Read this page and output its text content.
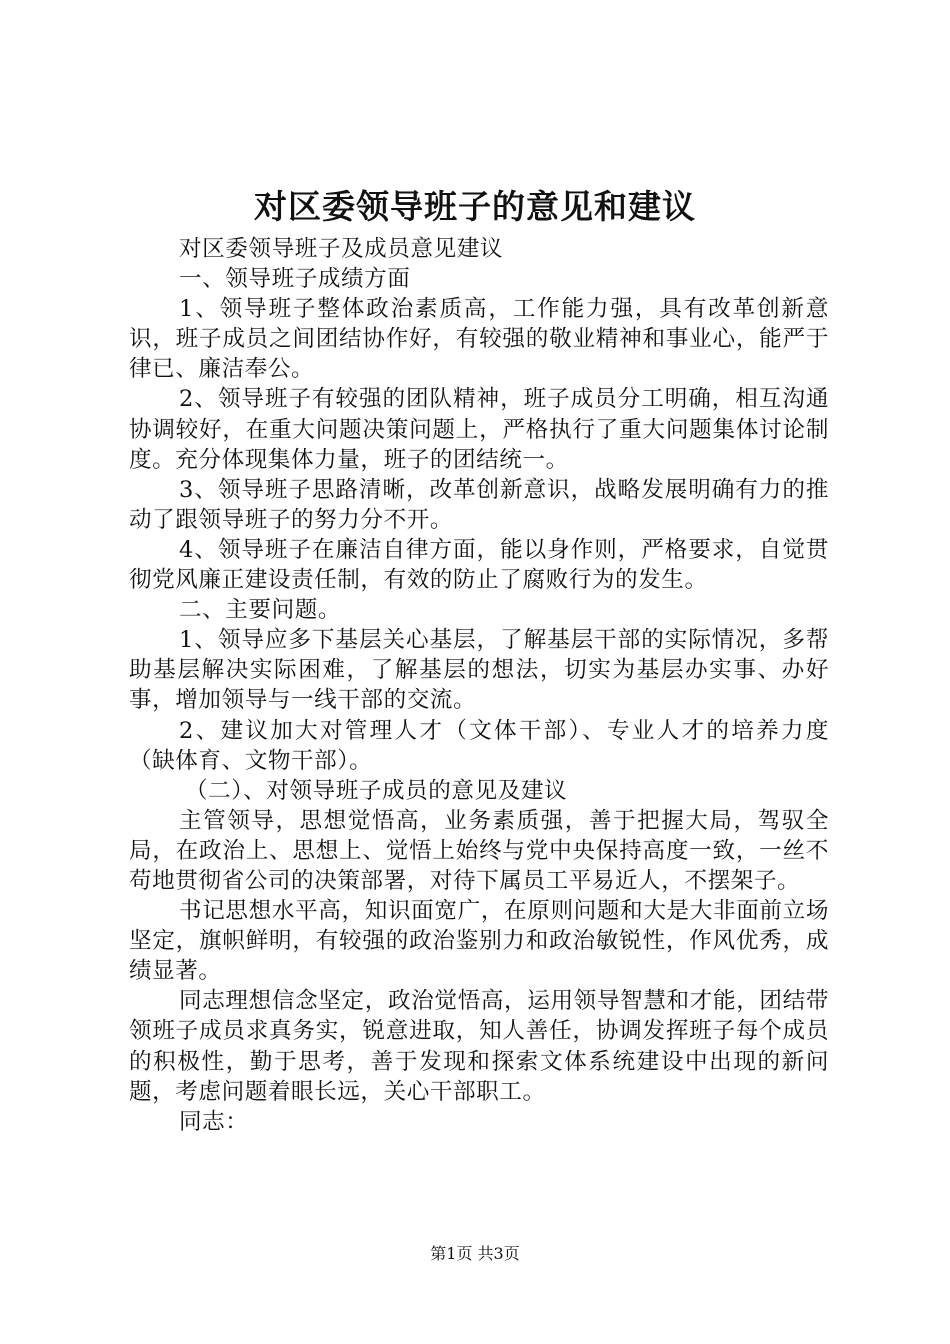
对区委领导班子的意见和建议

对区委领导班子及成员意见建议

一、领导班子成绩方面

1、领导班子整体政治素质高，工作能力强，具有改革创新意识，班子成员之间团结协作好，有较强的敬业精神和事业心，能严于律已、廉洁奉公。

2、领导班子有较强的团队精神，班子成员分工明确，相互沟通协调较好，在重大问题决策问题上，严格执行了重大问题集体讨论制度。充分体现集体力量，班子的团结统一。

3、领导班子思路清晰，改革创新意识，战略发展明确有力的推动了跟领导班子的努力分不开。

4、领导班子在廉洁自律方面，能以身作则，严格要求，自觉贯彻党风廉正建设责任制，有效的防止了腐败行为的发生。

二、主要问题。

1、领导应多下基层关心基层，了解基层干部的实际情况，多帮助基层解决实际困难，了解基层的想法，切实为基层办实事、办好事，增加领导与一线干部的交流。

2、建议加大对管理人才（文体干部）、专业人才的培养力度（缺体育、文物干部）。

（二）、对领导班子成员的意见及建议

主管领导，思想觉悟高，业务素质强，善于把握大局，驾驭全局，在政治上、思想上、觉悟上始终与党中央保持高度一致，一丝不苟地贯彻省公司的决策部署，对待下属员工平易近人，不摆架子。

书记思想水平高，知识面宽广，在原则问题和大是大非面前立场坚定，旗帜鲜明，有较强的政治鉴别力和政治敏锐性，作风优秀，成绩显著。

同志理想信念坚定，政治觉悟高，运用领导智慧和才能，团结带领班子成员求真务实，锐意进取，知人善任，协调发挥班子每个成员的积极性，勤于思考，善于发现和探索文体系统建设中出现的新问题，考虑问题着眼长远，关心干部职工。

同志：

第1页 共3页
